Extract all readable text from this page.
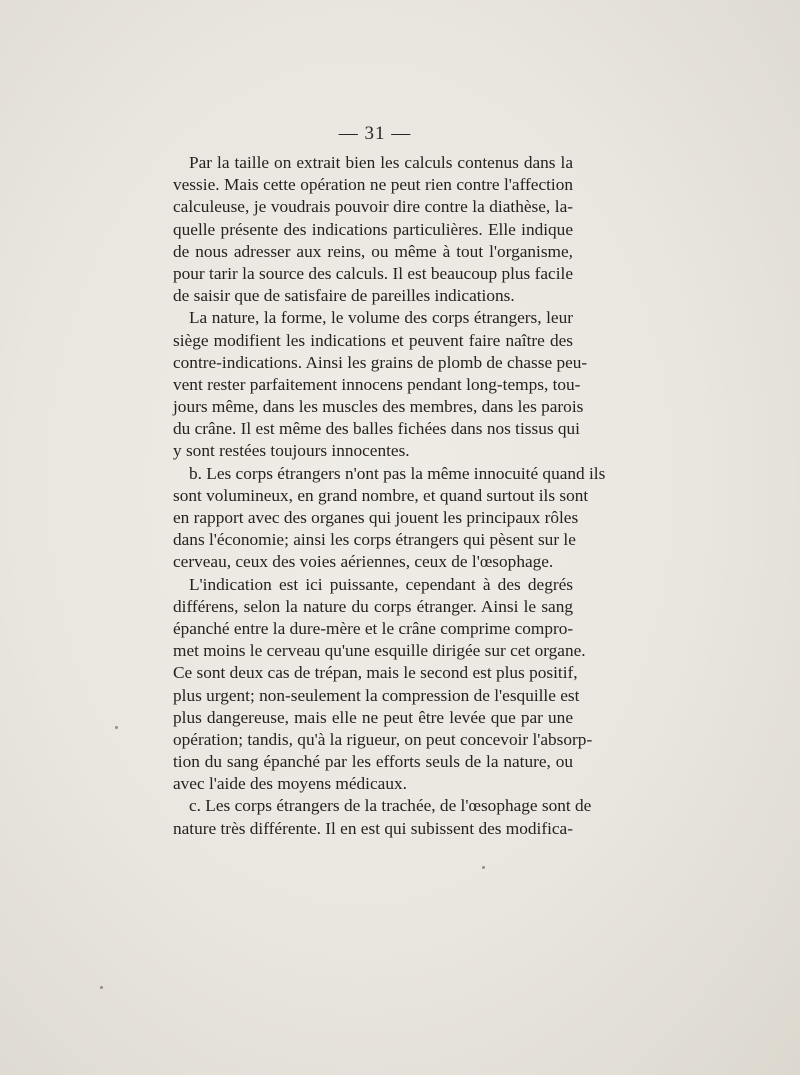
— 31 —
Par la taille on extrait bien les calculs contenus dans la
vessie. Mais cette opération ne peut rien contre l'affection
calculeuse, je voudrais pouvoir dire contre la diathèse, la-
quelle présente des indications particulières. Elle indique
de nous adresser aux reins, ou même à tout l'organisme,
pour tarir la source des calculs. Il est beaucoup plus facile
de saisir que de satisfaire de pareilles indications.
La nature, la forme, le volume des corps étrangers, leur
siège modifient les indications et peuvent faire naître des
contre-indications. Ainsi les grains de plomb de chasse peu-
vent rester parfaitement innocens pendant long-temps, tou-
jours même, dans les muscles des membres, dans les parois
du crâne. Il est même des balles fichées dans nos tissus qui
y sont restées toujours innocentes.
b. Les corps étrangers n'ont pas la même innocuité quand ils
sont volumineux, en grand nombre, et quand surtout ils sont
en rapport avec des organes qui jouent les principaux rôles
dans l'économie; ainsi les corps étrangers qui pèsent sur le
cerveau, ceux des voies aériennes, ceux de l'œsophage.
L'indication est ici puissante, cependant à des degrés
différens, selon la nature du corps étranger. Ainsi le sang
épanché entre la dure-mère et le crâne comprime compro-
met moins le cerveau qu'une esquille dirigée sur cet organe.
Ce sont deux cas de trépan, mais le second est plus positif,
plus urgent; non-seulement la compression de l'esquille est
plus dangereuse, mais elle ne peut être levée que par une
opération; tandis, qu'à la rigueur, on peut concevoir l'absorp-
tion du sang épanché par les efforts seuls de la nature, ou
avec l'aide des moyens médicaux.
c. Les corps étrangers de la trachée, de l'œsophage sont de
nature très différente. Il en est qui subissent des modifica-
